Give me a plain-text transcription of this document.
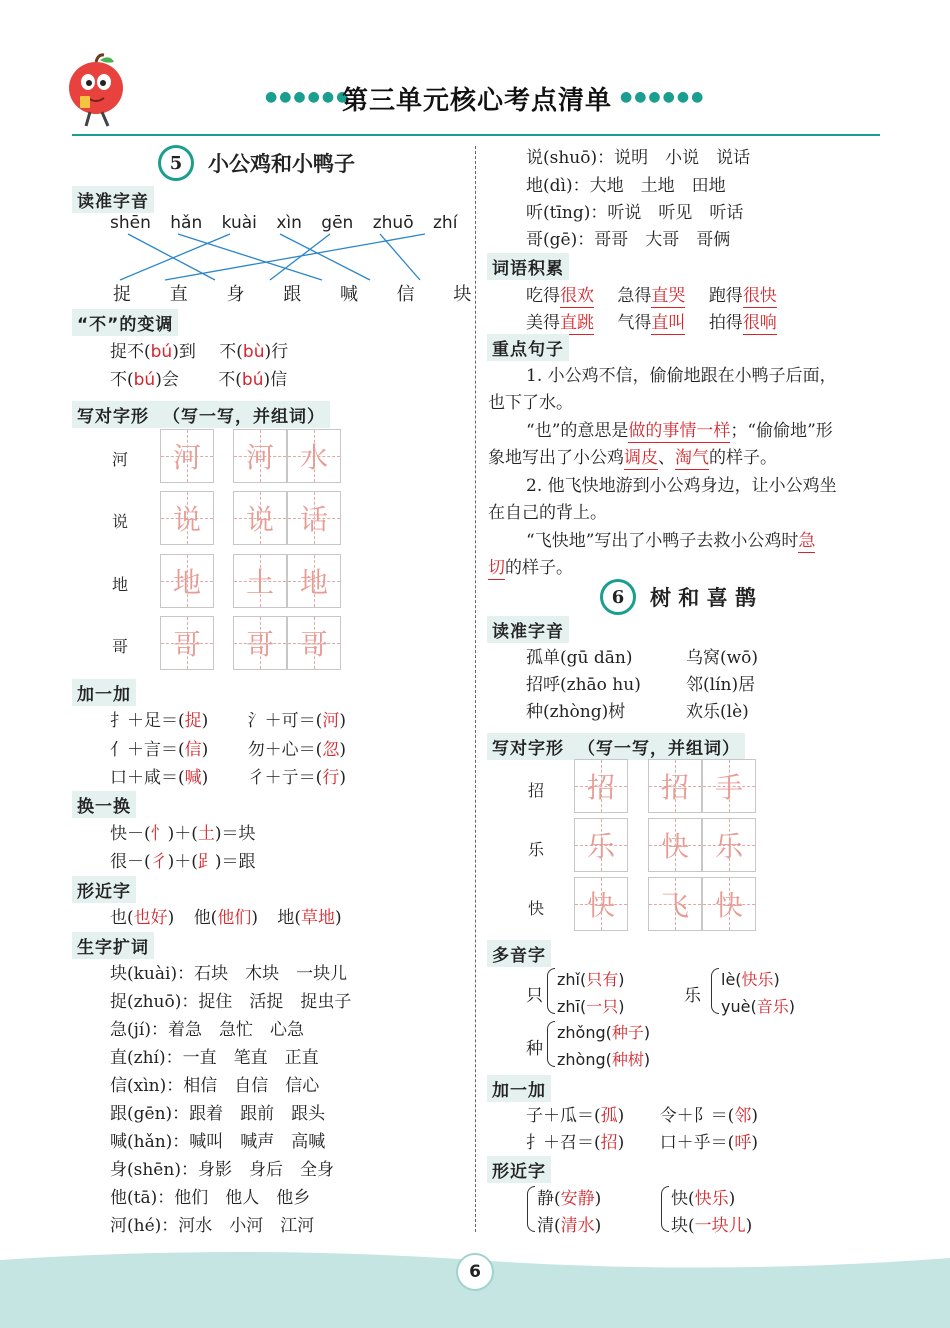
●●●●●●
第三单元核心考点清单 ●●●●●●
5 小公鸡和小鸭子
读准字音
shēn hǎn kuài xìn gēn zhuō zhí
捉 直 身 跟 喊 信 块
“不”的变调
捉不(bú)到 不(bù)行
不(bú)会 不(bú)信
写对字形 （写一写，并组词）
河	河	河 水
说	说	说 话
地	地	土 地
哥	哥	哥 哥
加一加
扌＋足＝(捉) 氵＋可＝(河)
亻＋言＝(信) 勿＋心＝(忽)
口＋咸＝(喊) 彳＋亍＝(行)
换一换
快－(忄)＋(土)＝块
很－(彳)＋(𧾷)＝跟
形近字
也(也好) 他(他们) 地(草地)
生字扩词
块(kuài)：石块　木块　一块儿
捉(zhuō)：捉住　活捉　捉虫子
急(jí)：着急　急忙　心急
直(zhí)：一直　笔直　正直
信(xìn)：相信　自信　信心
跟(gēn)：跟着　跟前　跟头
喊(hǎn)：喊叫　喊声　高喊
身(shēn)：身影　身后　全身
他(tā)：他们　他人　他乡
河(hé)：河水　小河　江河
说(shuō)：说明　小说　说话
地(dì)：大地　土地　田地
听(tīng)：听说　听见　听话
哥(gē)：哥哥　大哥　哥俩
词语积累
吃得很欢 急得直哭 跑得很快
美得直跳 气得直叫 拍得很响
重点句子
1. 小公鸡不信，偷偷地跟在小鸭子后面，
也下了水。
“也”的意思是做的事情一样；“偷偷地”形
象地写出了小公鸡调皮、淘气的样子。
2. 他飞快地游到小公鸡身边，让小公鸡坐
在自己的背上。
“飞快地”写出了小鸭子去救小公鸡时急
切的样子。
6 树 和 喜 鹊
读准字音
孤单(gū dān)	乌窝(wō)
招呼(zhāo hu)	邻(lín)居
种(zhòng)树	欢乐(lè)
写对字形 （写一写，并组词）
招	招	招 手
乐	乐	快 乐
快	快	飞 快
多音字
只
zhǐ(只有)
zhī(一只)
乐
lè(快乐)
yuè(音乐)
种
zhǒng(种子)
zhòng(种树)
加一加
子＋瓜＝(孤) 令＋阝＝(邻)
扌＋召＝(招) 口＋乎＝(呼)
形近字
静(安静)
清(清水)
快(快乐)
块(一块儿)
6
